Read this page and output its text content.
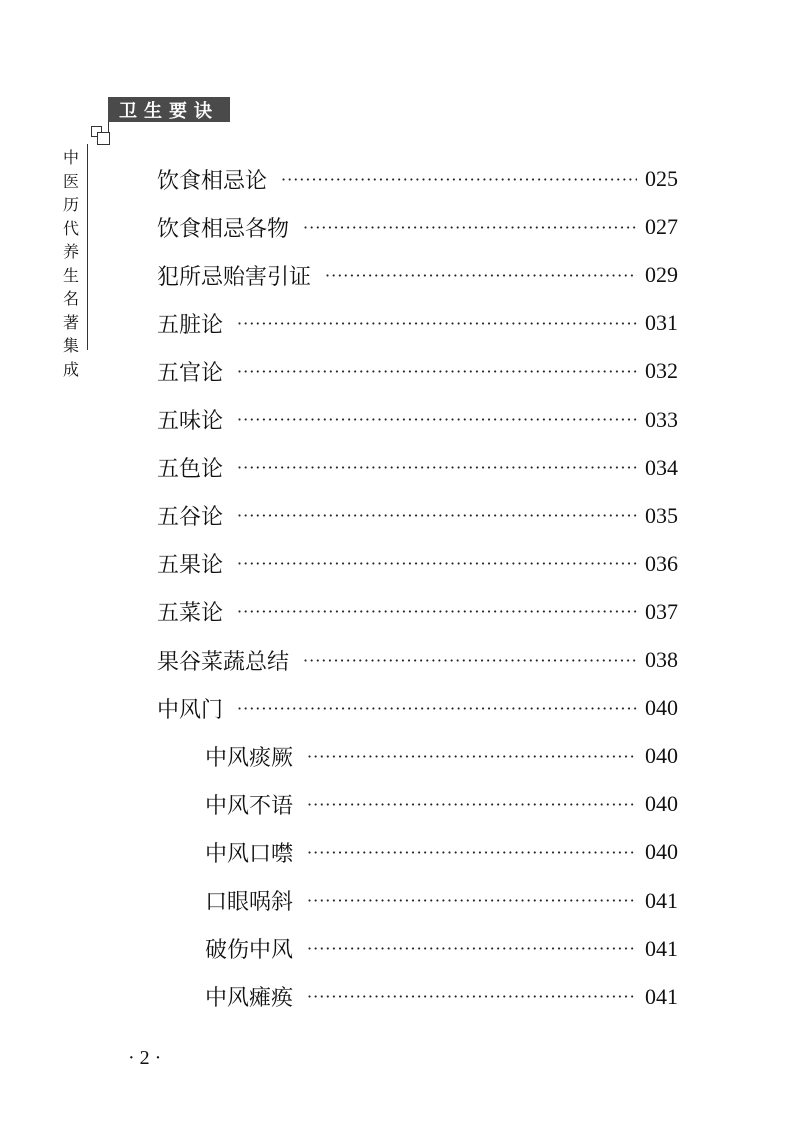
卫生要诀
中医历代养生名著集成
饮食相忌论 ·····	025
饮食相忌各物 ·····	027
犯所忌贻害引证 ·····	029
五脏论 ·····	031
五官论 ·····	032
五味论 ·····	033
五色论 ·····	034
五谷论 ·····	035
五果论 ·····	036
五菜论 ·····	037
果谷菜蔬总结 ·····	038
中风门 ·····	040
中风痰厥 ·····	040
中风不语 ·····	040
中风口噤 ·····	040
口眼㖞斜 ·····	041
破伤中风 ·····	041
中风瘫痪 ·····	041
· 2 ·
